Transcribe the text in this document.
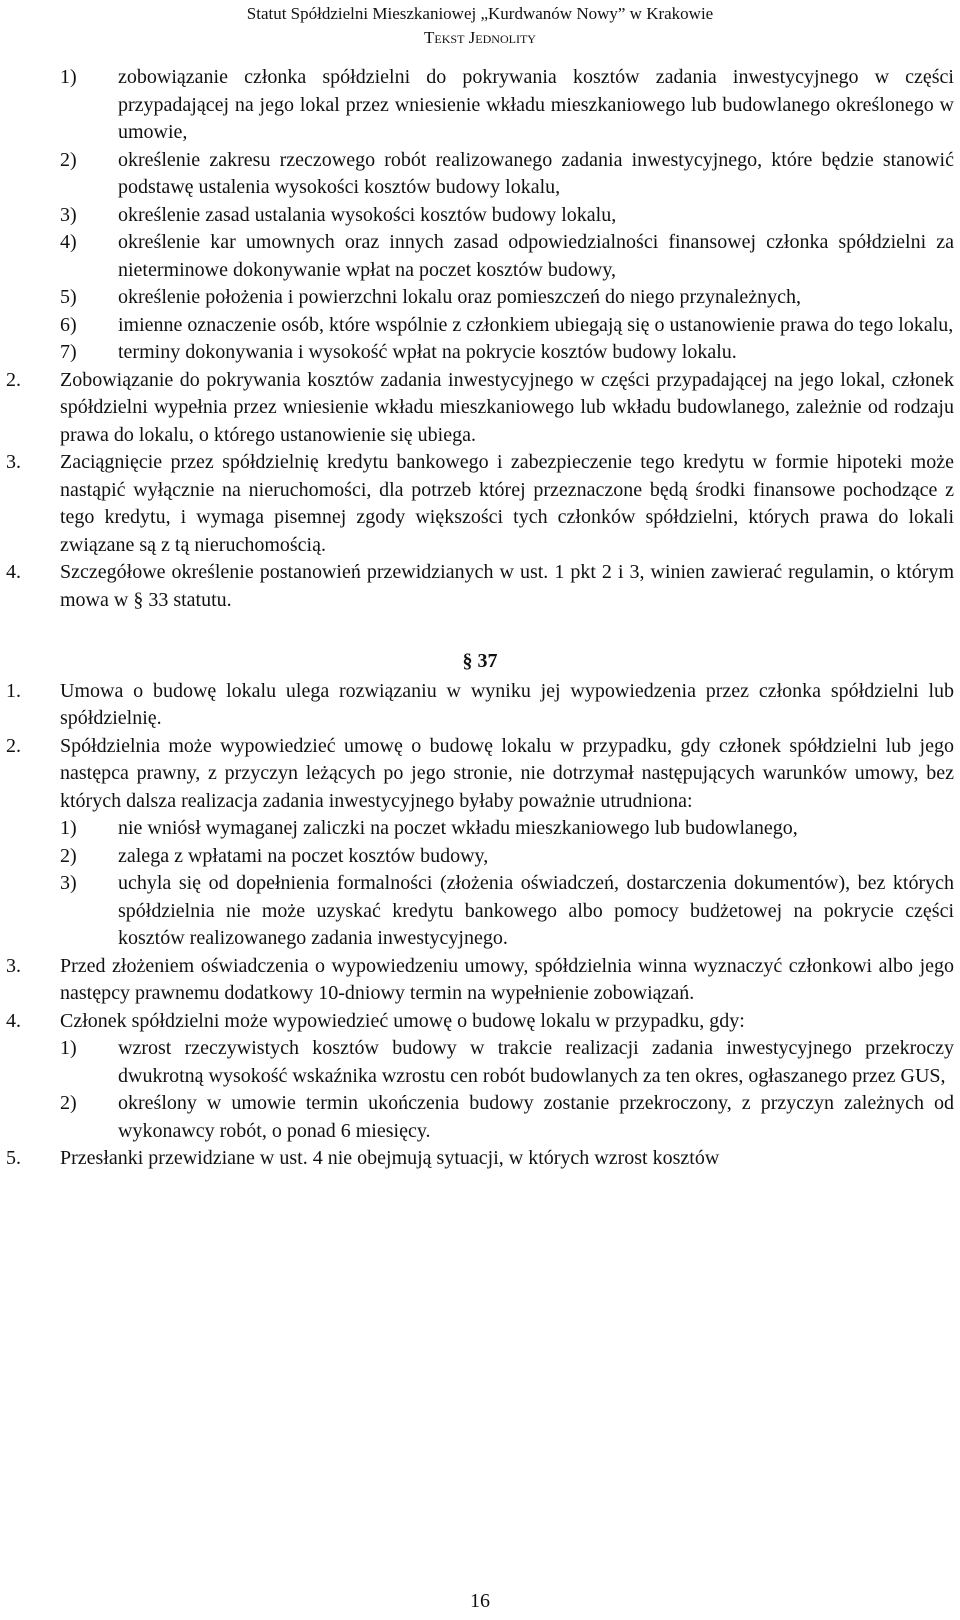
Statut Spółdzielni Mieszkaniowej „Kurdwanów Nowy” w Krakowie
Tekst Jednolity
1) zobowiązanie członka spółdzielni do pokrywania kosztów zadania inwestycyjnego w części przypadającej na jego lokal przez wniesienie wkładu mieszkaniowego lub budowlanego określonego w umowie,
2) określenie zakresu rzeczowego robót realizowanego zadania inwestycyjnego, które będzie stanowić podstawę ustalenia wysokości kosztów budowy lokalu,
3) określenie zasad ustalania wysokości kosztów budowy lokalu,
4) określenie kar umownych oraz innych zasad odpowiedzialności finansowej członka spółdzielni za nieterminowe dokonywanie wpłat na poczet kosztów budowy,
5) określenie położenia i powierzchni lokalu oraz pomieszczeń do niego przynależnych,
6) imienne oznaczenie osób, które wspólnie z członkiem ubiegają się o ustanowienie prawa do tego lokalu,
7) terminy dokonywania i wysokość wpłat na pokrycie kosztów budowy lokalu.
2. Zobowiązanie do pokrywania kosztów zadania inwestycyjnego w części przypadającej na jego lokal, członek spółdzielni wypełnia przez wniesienie wkładu mieszkaniowego lub wkładu budowlanego, zależnie od rodzaju prawa do lokalu, o którego ustanowienie się ubiega.
3. Zaciągnięcie przez spółdzielnię kredytu bankowego i zabezpieczenie tego kredytu w formie hipoteki może nastąpić wyłącznie na nieruchomości, dla potrzeb której przeznaczone będą środki finansowe pochodzące z tego kredytu, i wymaga pisemnej zgody większości tych członków spółdzielni, których prawa do lokali związane są z tą nieruchomością.
4. Szczegółowe określenie postanowień przewidzianych w ust. 1 pkt 2 i 3, winien zawierać regulamin, o którym mowa w § 33 statutu.
§ 37
1. Umowa o budowę lokalu ulega rozwiązaniu w wyniku jej wypowiedzenia przez członka spółdzielni lub spółdzielnię.
2. Spółdzielnia może wypowiedzieć umowę o budowę lokalu w przypadku, gdy członek spółdzielni lub jego następca prawny, z przyczyn leżących po jego stronie, nie dotrzymał następujących warunków umowy, bez których dalsza realizacja zadania inwestycyjnego byłaby poważnie utrudniona:
1) nie wniósł wymaganej zaliczki na poczet wkładu mieszkaniowego lub budowlanego,
2) zalega z wpłatami na poczet kosztów budowy,
3) uchyla się od dopełnienia formalności (złożenia oświadczeń, dostarczenia dokumentów), bez których spółdzielnia nie może uzyskać kredytu bankowego albo pomocy budżetowej na pokrycie części kosztów realizowanego zadania inwestycyjnego.
3. Przed złożeniem oświadczenia o wypowiedzeniu umowy, spółdzielnia winna wyznaczyć członkowi albo jego następcy prawnemu dodatkowy 10-dniowy termin na wypełnienie zobowiązań.
4. Członek spółdzielni może wypowiedzieć umowę o budowę lokalu w przypadku, gdy:
1) wzrost rzeczywistych kosztów budowy w trakcie realizacji zadania inwestycyjnego przekroczy dwukrotną wysokość wskaźnika wzrostu cen robót budowlanych za ten okres, ogłaszanego przez GUS,
2) określony w umowie termin ukończenia budowy zostanie przekroczony, z przyczyn zależnych od wykonawcy robót, o ponad 6 miesięcy.
5. Przesłanki przewidziane w ust. 4 nie obejmują sytuacji, w których wzrost kosztów
16
